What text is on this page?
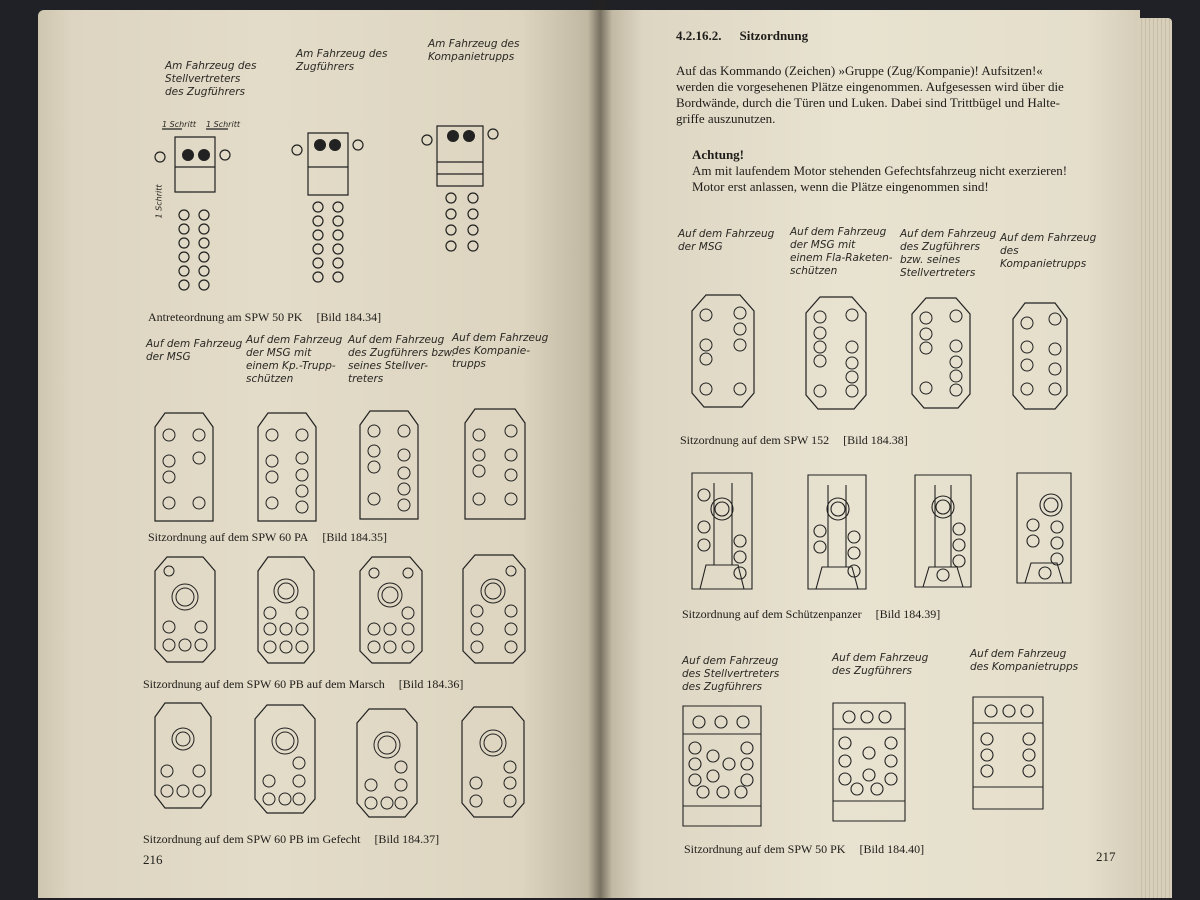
Am Fahrzeug des
Stellvertreters
des Zugführers
Am Fahrzeug des
Zugführers
Am Fahrzeug des
Kompanietrupps
1 Schritt 1 Schritt
1 Schritt
Antreteordnung am SPW 50 PK [Bild 184.34]
Auf dem Fahrzeug
der MSG
Auf dem Fahrzeug
der MSG mit
einem Kp.-Trupp-
schützen
Auf dem Fahrzeug
des Zugführers bzw.
seines Stellver-
treters
Auf dem Fahrzeug
des Kompanie-
trupps
Sitzordnung auf dem SPW 60 PA [Bild 184.35]
Sitzordnung auf dem SPW 60 PB auf dem Marsch [Bild 184.36]
Sitzordnung auf dem SPW 60 PB im Gefecht [Bild 184.37]
216
4.2.16.2. Sitzordnung
Auf das Kommando (Zeichen) »Gruppe (Zug/Kompanie)! Aufsitzen!«
werden die vorgesehenen Plätze eingenommen. Aufgesessen wird über die
Bordwände, durch die Türen und Luken. Dabei sind Trittbügel und Halte-
griffe auszunutzen.
Achtung!
Am mit laufendem Motor stehenden Gefechtsfahrzeug nicht exerzieren!
Motor erst anlassen, wenn die Plätze eingenommen sind!
Auf dem Fahrzeug
der MSG
Auf dem Fahrzeug
der MSG mit
einem Fla-Raketen-
schützen
Auf dem Fahrzeug
des Zugführers
bzw. seines
Stellvertreters
Auf dem Fahrzeug
des Kompanietrupps
Sitzordnung auf dem SPW 152 [Bild 184.38]
Sitzordnung auf dem Schützenpanzer [Bild 184.39]
Auf dem Fahrzeug
des Stellvertreters
des Zugführers
Auf dem Fahrzeug
des Zugführers
Auf dem Fahrzeug
des Kompanietrupps
Sitzordnung auf dem SPW 50 PK [Bild 184.40]	217
